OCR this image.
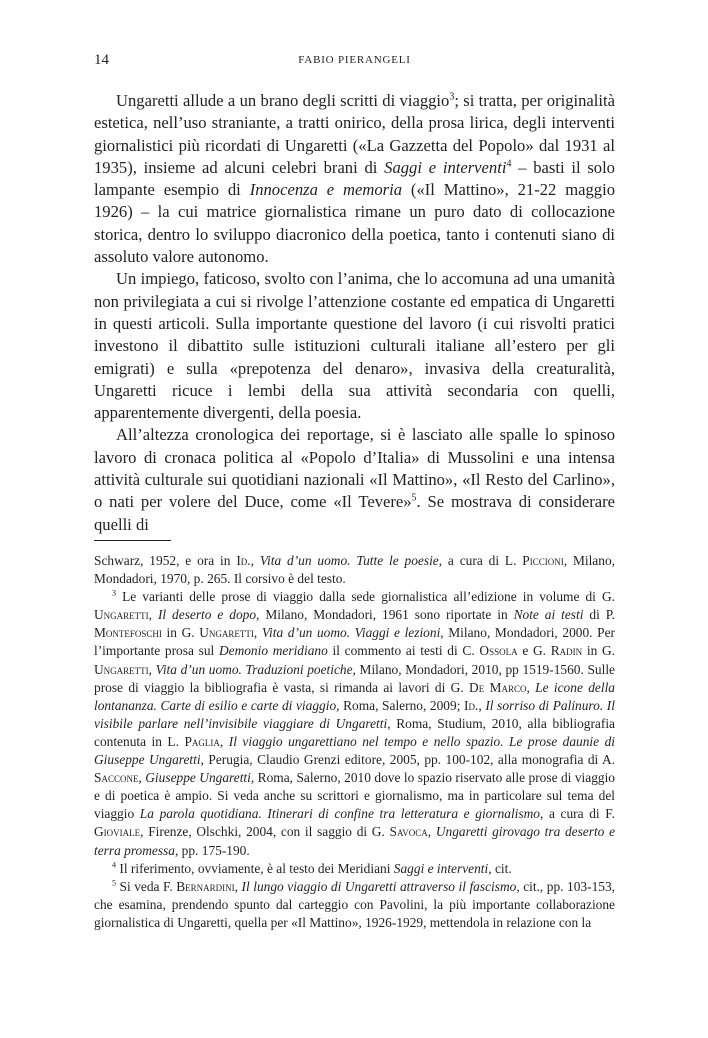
14	FABIO PIERANGELI

Ungaretti allude a un brano degli scritti di viaggio$^3$; si tratta, per originalità estetica, nell’uso straniante, a tratti onirico, della prosa lirica, degli interventi giornalistici più ricordati di Ungaretti («La Gazzetta del Popolo» dal 1931 al 1935), insieme ad alcuni celebri brani di Saggi e interventi$^4$ – basti il solo lampante esempio di Innocenza e memoria («Il Mattino», 21-22 maggio 1926) – la cui matrice giornalistica rimane un puro dato di collocazione storica, dentro lo sviluppo diacronico della poetica, tanto i contenuti siano di assoluto valore autonomo.

Un impiego, faticoso, svolto con l’anima, che lo accomuna ad una umanità non privilegiata a cui si rivolge l’attenzione costante ed empatica di Ungaretti in questi articoli. Sulla importante questione del lavoro (i cui risvolti pratici investono il dibattito sulle istituzioni culturali italiane all’estero per gli emigrati) e sulla «prepotenza del denaro», invasiva della creaturalità, Ungaretti ricuce i lembi della sua attività secondaria con quelli, apparentemente divergenti, della poesia.

All’altezza cronologica dei reportage, si è lasciato alle spalle lo spinoso lavoro di cronaca politica al «Popolo d’Italia» di Mussolini e una intensa attività culturale sui quotidiani nazionali «Il Mattino», «Il Resto del Carlino», o nati per volere del Duce, come «Il Tevere»$^5$. Se mostrava di considerare quelli di

Schwarz, 1952, e ora in Id., Vita d’un uomo. Tutte le poesie, a cura di L. Piccioni, Milano, Mondadori, 1970, p. 265. Il corsivo è del testo.

$^3$ Le varianti delle prose di viaggio dalla sede giornalistica all’edizione in volume di G. Ungaretti, Il deserto e dopo, Milano, Mondadori, 1961 sono riportate in Note ai testi di P. Montefoschi in G. Ungaretti, Vita d’un uomo. Viaggi e lezioni, Milano, Mondadori, 2000. Per l’importante prosa sul Demonio meridiano il commento ai testi di C. Ossola e G. Radin in G. Ungaretti, Vita d’un uomo. Traduzioni poetiche, Milano, Mondadori, 2010, pp 1519-1560. Sulle prose di viaggio la bibliografia è vasta, si rimanda ai lavori di G. De Marco, Le icone della lontananza. Carte di esilio e carte di viaggio, Roma, Salerno, 2009; Id., Il sorriso di Palinuro. Il visibile parlare nell’invisibile viaggiare di Ungaretti, Roma, Studium, 2010, alla bibliografia contenuta in L. Paglia, Il viaggio ungarettiano nel tempo e nello spazio. Le prose daunie di Giuseppe Ungaretti, Perugia, Claudio Grenzi editore, 2005, pp. 100-102, alla monografia di A. Saccone, Giuseppe Ungaretti, Roma, Salerno, 2010 dove lo spazio riservato alle prose di viaggio e di poetica è ampio. Si veda anche su scrittori e giornalismo, ma in particolare sul tema del viaggio La parola quotidiana. Itinerari di confine tra letteratura e giornalismo, a cura di F. Gioviale, Firenze, Olschki, 2004, con il saggio di G. Savoca, Ungaretti girovago tra deserto e terra promessa, pp. 175-190.

$^4$ Il riferimento, ovviamente, è al testo dei Meridiani Saggi e interventi, cit.

$^5$ Si veda F. Bernardini, Il lungo viaggio di Ungaretti attraverso il fascismo, cit., pp. 103-153, che esamina, prendendo spunto dal carteggio con Pavolini, la più importante collaborazione giornalistica di Ungaretti, quella per «Il Mattino», 1926-1929, mettendola in relazione con la
